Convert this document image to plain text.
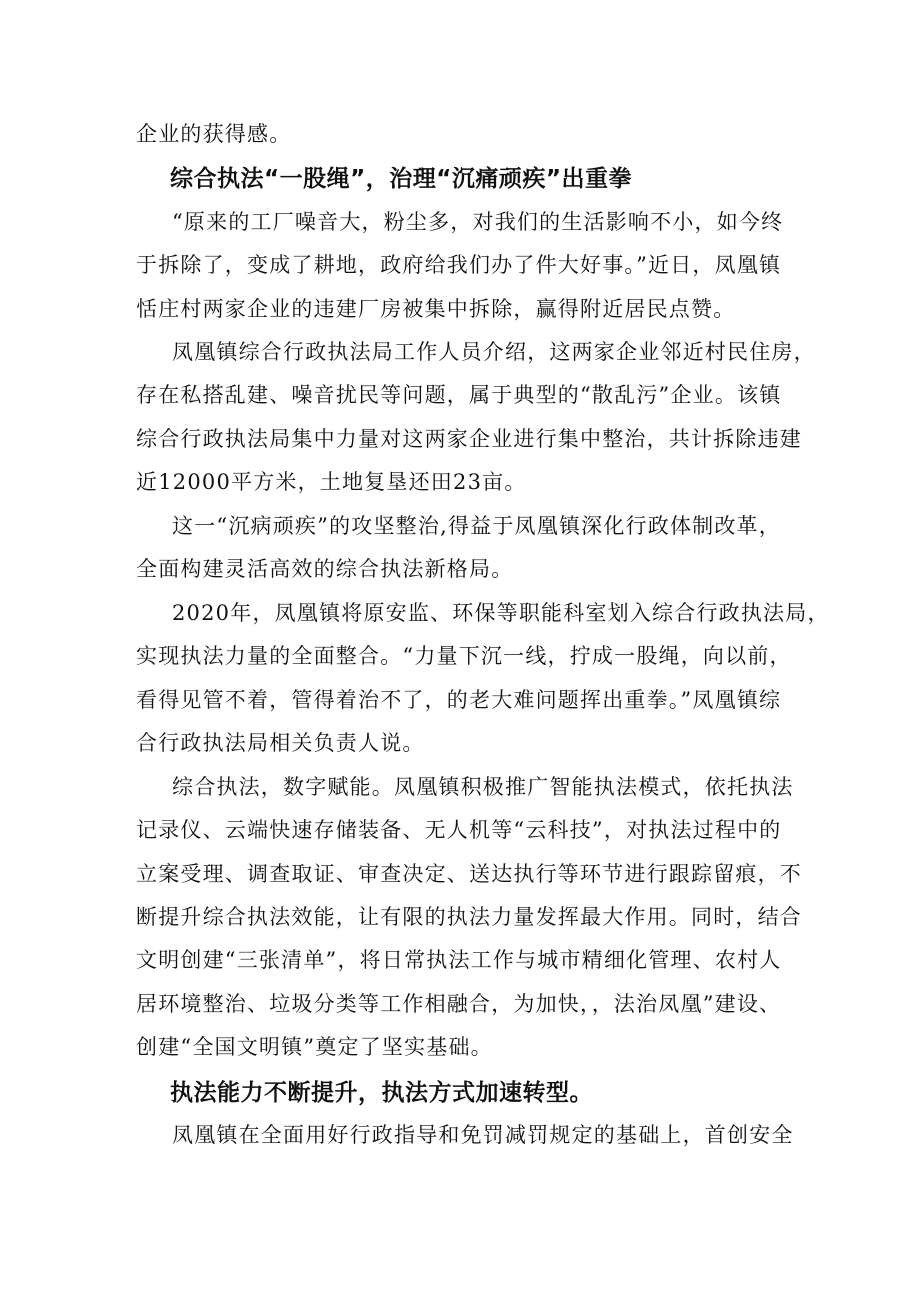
企业的获得感。

综合执法“一股绳”，治理“沉痛顽疾”出重拳

“原来的工厂噪音大，粉尘多，对我们的生活影响不小，如今终

于拆除了，变成了耕地，政府给我们办了件大好事。”近日，凤凰镇

恬庄村两家企业的违建厂房被集中拆除，赢得附近居民点赞。

凤凰镇综合行政执法局工作人员介绍，这两家企业邻近村民住房，

存在私搭乱建、噪音扰民等问题，属于典型的“散乱污”企业。该镇

综合行政执法局集中力量对这两家企业进行集中整治，共计拆除违建

近12000平方米，土地复垦还田23亩。

这一“沉病顽疾”的攻坚整治,得益于凤凰镇深化行政体制改革，

全面构建灵活高效的综合执法新格局。

2020年，凤凰镇将原安监、环保等职能科室划入综合行政执法局，

实现执法力量的全面整合。“力量下沉一线，拧成一股绳，向以前，

看得见管不着，管得着治不了，的老大难问题挥出重拳。”凤凰镇综

合行政执法局相关负责人说。

综合执法，数字赋能。凤凰镇积极推广智能执法模式，依托执法

记录仪、云端快速存储装备、无人机等“云科技”，对执法过程中的

立案受理、调查取证、审查决定、送达执行等环节进行跟踪留痕，不

断提升综合执法效能，让有限的执法力量发挥最大作用。同时，结合

文明创建“三张清单”，将日常执法工作与城市精细化管理、农村人

居环境整治、垃圾分类等工作相融合，为加快，，法治凤凰”建设、

创建“全国文明镇”奠定了坚实基础。

执法能力不断提升，执法方式加速转型。

凤凰镇在全面用好行政指导和免罚减罚规定的基础上，首创安全
